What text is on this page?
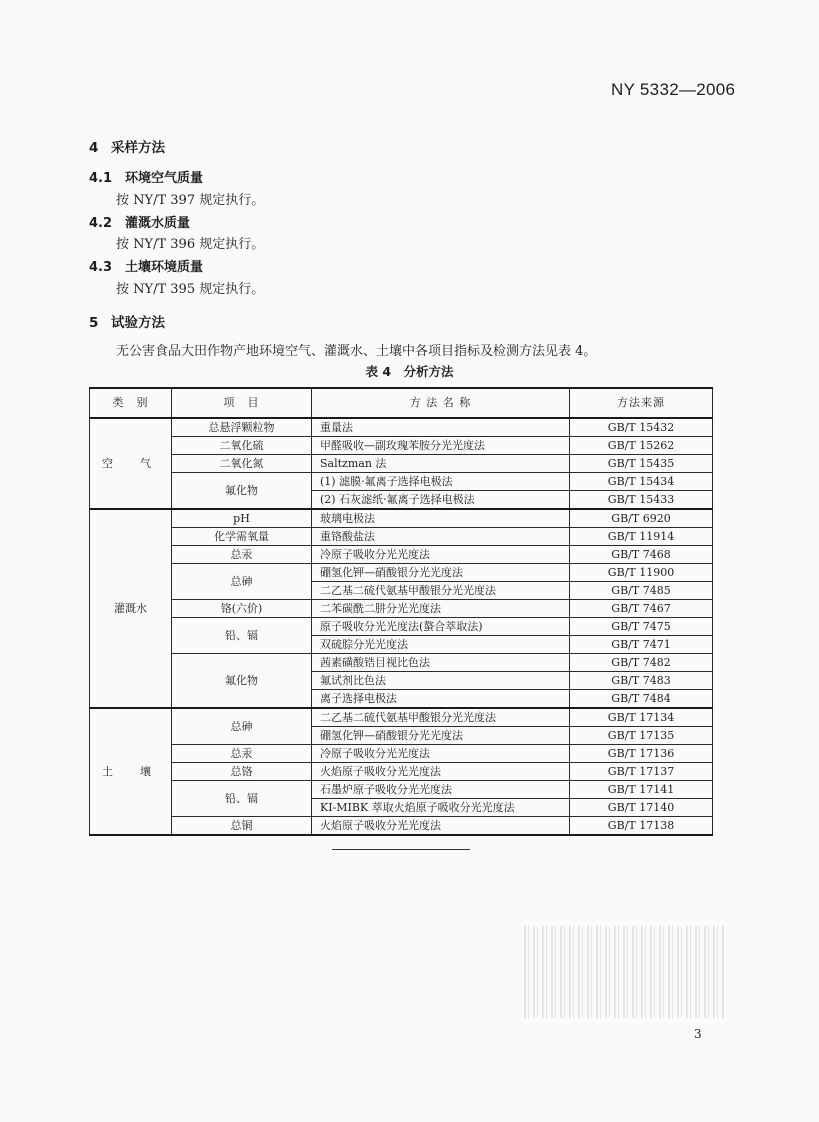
NY 5332—2006
4 采样方法
4.1 环境空气质量
按 NY/T 397 规定执行。
4.2 灌溉水质量
按 NY/T 396 规定执行。
4.3 土壤环境质量
按 NY/T 395 规定执行。
5 试验方法
无公害食品大田作物产地环境空气、灌溉水、土壤中各项目指标及检测方法见表 4。
表 4　分析方法
类　别	项　目	方 法 名 称	方法来源
空　气	总悬浮颗粒物	重量法	GB/T 15432
	二氧化硫	甲醛吸收—副玫瑰苯胺分光光度法	GB/T 15262
	二氧化氮	Saltzman 法	GB/T 15435
	氟化物	(1) 滤膜·氟离子选择电极法	GB/T 15434
		(2) 石灰滤纸·氟离子选择电极法	GB/T 15433
灌溉水	pH	玻璃电极法	GB/T 6920
	化学需氧量	重铬酸盐法	GB/T 11914
	总汞	冷原子吸收分光光度法	GB/T 7468
	总砷	硼氢化钾—硝酸银分光光度法	GB/T 11900
		二乙基二硫代氨基甲酸银分光光度法	GB/T 7485
	铬(六价)	二苯碳酰二肼分光光度法	GB/T 7467
	铅、镉	原子吸收分光光度法(螯合萃取法)	GB/T 7475
		双硫腙分光光度法	GB/T 7471
	氟化物	茜素磺酸锆目视比色法	GB/T 7482
		氟试剂比色法	GB/T 7483
		离子选择电极法	GB/T 7484
土　壤	总砷	二乙基二硫代氨基甲酸银分光光度法	GB/T 17134
		硼氢化钾—硝酸银分光光度法	GB/T 17135
	总汞	冷原子吸收分光光度法	GB/T 17136
	总铬	火焰原子吸收分光光度法	GB/T 17137
	铅、镉	石墨炉原子吸收分光光度法	GB/T 17141
		KI-MIBK 萃取火焰原子吸收分光光度法	GB/T 17140
	总铜	火焰原子吸收分光光度法	GB/T 17138
3
